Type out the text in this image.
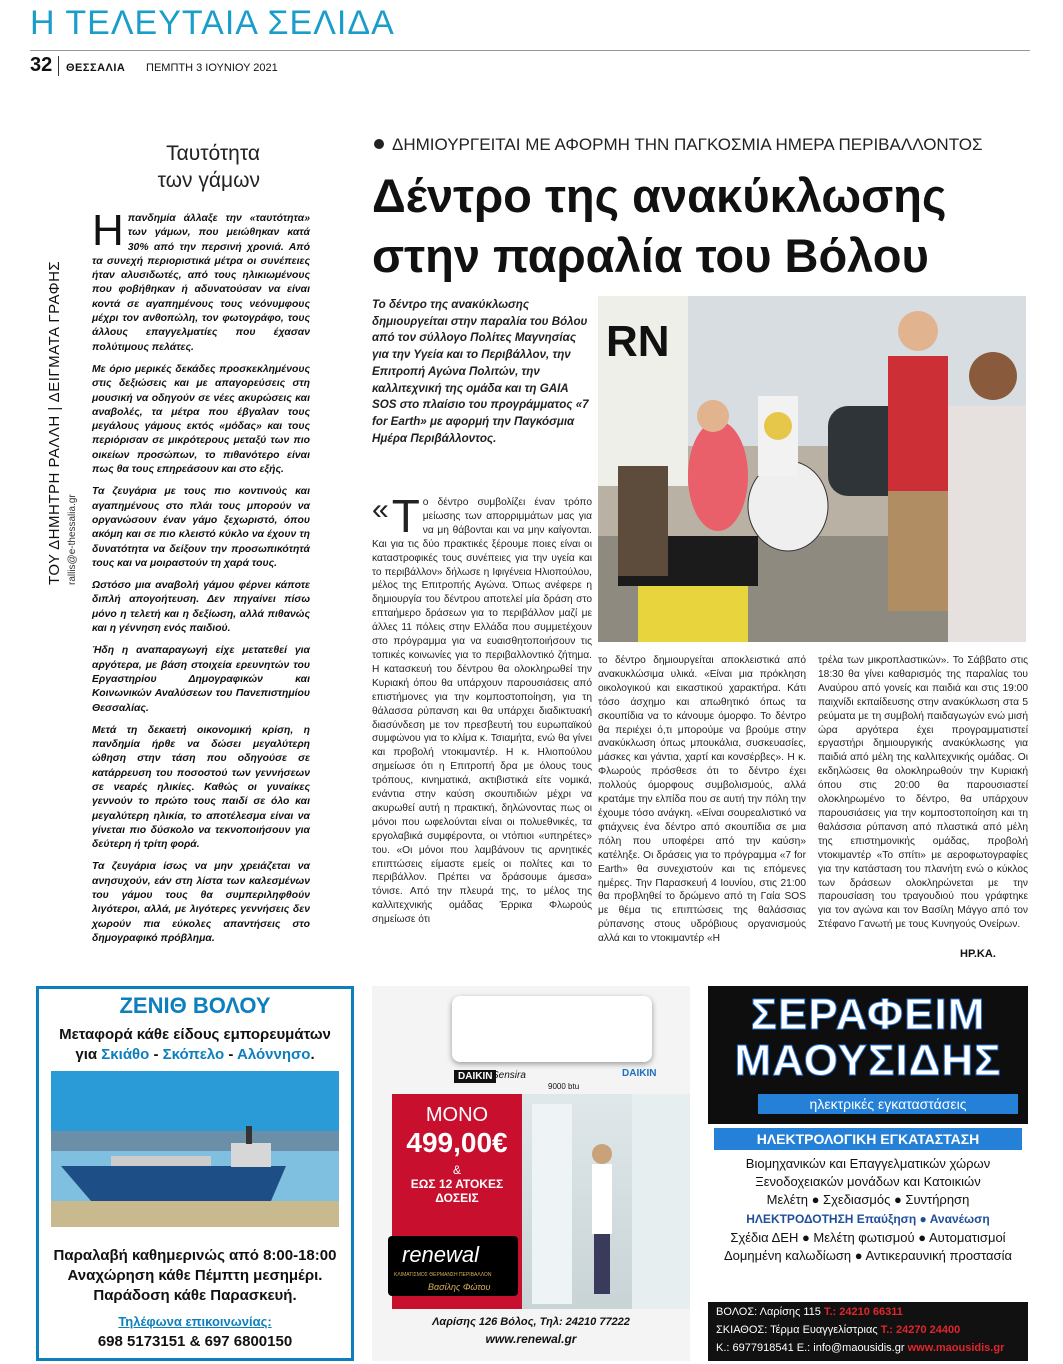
Η ΤΕΛΕΥΤΑΙΑ ΣΕΛΙΔΑ
32 ΘΕΣΣΑΛΙΑ ΠΕΜΠΤΗ 3 ΙΟΥΝΙΟΥ 2021
Ταυτότητα
των γάμων
ΤΟΥ ΔΗΜΗΤΡΗ ΡΑΛΛΗ | ΔΕΙΓΜΑΤΑ ΓΡΑΦΗΣ rallis@e-thessalia.gr

Ηπανδημία άλλαξε την «ταυτότητα» των γάμων, που μειώθηκαν κατά 30% από την περσινή χρονιά. Από τα συνεχή περιοριστικά μέτρα οι συνέπειες ήταν αλυσιδωτές, από τους ηλικιωμένους που φοβήθηκαν ή αδυνατούσαν να είναι κοντά σε αγαπημένους τους νεόνυμφους μέχρι τον ανθοπώλη, τον φωτογράφο, τους άλλους επαγγελματίες που έχασαν πολύτιμους πελάτες.

Με όριο μερικές δεκάδες προσκεκλημένους στις δεξιώσεις και με απαγορεύσεις στη μουσική να οδηγούν σε νέες ακυρώσεις και αναβολές, τα μέτρα που έβγαλαν τους μεγάλους γάμους εκτός «μόδας» και τους περιόρισαν σε μικρότερους μεταξύ των πιο οικείων προσώπων, το πιθανότερο είναι πως θα τους επηρεάσουν και στο εξής.

Τα ζευγάρια με τους πιο κοντινούς και αγαπημένους στο πλάι τους μπορούν να οργανώσουν έναν γάμο ξεχωριστό, όπου ακόμη και σε πιο κλειστό κύκλο να έχουν τη δυνατότητα να δείξουν την προσωπικότητά τους και να μοιραστούν τη χαρά τους.

Ωστόσο μια αναβολή γάμου φέρνει κάποτε διπλή απογοήτευση. Δεν πηγαίνει πίσω μόνο η τελετή και η δεξίωση, αλλά πιθανώς και η γέννηση ενός παιδιού.

Ήδη η αναπαραγωγή είχε μετατεθεί για αργότερα, με βάση στοιχεία ερευνητών του Εργαστηρίου Δημογραφικών και Κοινωνικών Αναλύσεων του Πανεπιστημίου Θεσσαλίας.

Μετά τη δεκαετή οικονομική κρίση, η πανδημία ήρθε να δώσει μεγαλύτερη ώθηση στην τάση που οδηγούσε σε κατάρρευση του ποσοστού των γεννήσεων σε νεαρές ηλικίες. Καθώς οι γυναίκες γεννούν το πρώτο τους παιδί σε όλο και μεγαλύτερη ηλικία, το αποτέλεσμα είναι να γίνεται πιο δύσκολο να τεκνοποιήσουν για δεύτερη ή τρίτη φορά.

Τα ζευγάρια ίσως να μην χρειάζεται να ανησυχούν, εάν στη λίστα των καλεσμένων του γάμου τους θα συμπεριληφθούν λιγότεροι, αλλά, με λιγότερες γεννήσεις δεν χωρούν πια εύκολες απαντήσεις στο δημογραφικό πρόβλημα.

ΔΗΜΙΟΥΡΓΕΙΤΑΙ ΜΕ ΑΦΟΡΜΗ ΤΗΝ ΠΑΓΚΟΣΜΙΑ ΗΜΕΡΑ ΠΕΡΙΒΑΛΛΟΝΤΟΣ
Δέντρο της ανακύκλωσης
στην παραλία του Βόλου
Το δέντρο της ανακύκλωσης δημιουργείται στην παραλία του Βόλου από τον σύλλογο Πολίτες Μαγνησίας για την Υγεία και το Περιβάλλον, την Επιτροπή Αγώνα Πολιτών, την καλλιτεχνική της ομάδα και τη GAIA SOS στο πλαίσιο του προγράμματος «7 for Earth» με αφορμή την Παγκόσμια Ημέρα Περιβάλλοντος.
RN

« Τ ο δέντρο συμβολίζει έναν τρόπο μείωσης των απορριμμάτων μας για να μη θάβονται και να μην καίγονται. Και για τις δύο πρακτικές ξέρουμε ποιες είναι οι καταστροφικές τους συνέπειες για την υγεία και το περιβάλλον» δήλωσε η Ιφιγένεια Ηλιοπούλου, μέλος της Επιτροπής Αγώνα. Όπως ανέφερε η δημιουργία του δέντρου αποτελεί μία δράση στο επταήμερο δράσεων για το περιβάλλον μαζί με άλλες 11 πόλεις στην Ελλάδα που συμμετέχουν στο πρόγραμμα για να ευαισθητοποιήσουν τις τοπικές κοινωνίες για το περιβαλλοντικό ζήτημα. Η κατασκευή του δέντρου θα ολοκληρωθεί την Κυριακή όπου θα υπάρχουν παρουσιάσεις από επιστήμονες για την κομποστοποίηση, για τη θάλασσα ρύπανση και θα υπάρχει διαδικτυακή διασύνδεση με τον πρεσβευτή του ευρωπαϊκού συμφώνου για το κλίμα κ. Τσιαμήτα, ενώ θα γίνει και προβολή ντοκιμαντέρ. Η κ. Ηλιοπούλου σημείωσε ότι η Επιτροπή δρα με όλους τους τρόπους, κινηματικά, ακτιβιστικά είτε νομικά, ενάντια στην καύση σκουπιδιών μέχρι να ακυρωθεί αυτή η πρακτική, δηλώνοντας πως οι μόνοι που ωφελούνται είναι οι πολυεθνικές, τα εργολαβικά συμφέροντα, οι ντόπιοι «υπηρέτες» του. «Οι μόνοι που λαμβάνουν τις αρνητικές επιπτώσεις είμαστε εμείς οι πολίτες και το περιβάλλον. Πρέπει να δράσουμε άμεσα» τόνισε. Από την πλευρά της, το μέλος της καλλιτεχνικής ομάδας Έρρικα Φλωρούς σημείωσε ότι

το δέντρο δημιουργείται αποκλειστικά από ανακυκλώσιμα υλικά. «Είναι μια πρόκληση οικολογικού και εικαστικού χαρακτήρα. Κάτι τόσο άσχημο και απωθητικό όπως τα σκουπίδια να το κάνουμε όμορφο. Το δέντρο θα περιέχει ό,τι μπορούμε να βρούμε στην ανακύκλωση όπως μπουκάλια, συσκευασίες, μάσκες και γάντια, χαρτί και κονσέρβες». Η κ. Φλωρούς πρόσθεσε ότι το δέντρο έχει πολλούς όμορφους συμβολισμούς, αλλά κρατάμε την ελπίδα που σε αυτή την πόλη την έχουμε τόσο ανάγκη. «Είναι σουρεαλιστικό να φτιάχνεις ένα δέντρο από σκουπίδια σε μια πόλη που υποφέρει από την καύση» κατέληξε. Οι δράσεις για το πρόγραμμα «7 for Earth» θα συνεχιστούν και τις επόμενες ημέρες. Την Παρασκευή 4 Ιουνίου, στις 21:00 θα προβληθεί το δρώμενο από τη Γαία SOS με θέμα τις επιπτώσεις της θαλάσσιας ρύπανσης στους υδρόβιους οργανισμούς αλλά και το ντοκιμαντέρ «Η
τρέλα των μικροπλαστικών». Το Σάββατο στις 18:30 θα γίνει καθαρισμός της παραλίας του Αναύρου από γονείς και παιδιά και στις 19:00 παιχνίδι εκπαίδευσης στην ανακύκλωση στα 5 ρεύματα με τη συμβολή παιδαγωγών ενώ μισή ώρα αργότερα έχει προγραμματιστεί εργαστήρι δημιουργικής ανακύκλωσης για παιδιά από μέλη της καλλιτεχνικής ομάδας. Οι εκδηλώσεις θα ολοκληρωθούν την Κυριακή όπου στις 20:00 θα παρουσιαστεί ολοκληρωμένο το δέντρο, θα υπάρχουν παρουσιάσεις για την κομποστοποίηση και τη θαλάσσια ρύπανση από πλαστικά από μέλη της επιστημονικής ομάδας, προβολή ντοκιμαντέρ «Το σπίτι» με αεροφωτογραφίες για την κατάσταση του πλανήτη ενώ ο κύκλος των δράσεων ολοκληρώνεται με την παρουσίαση του τραγουδιού που γράφτηκε για τον αγώνα και τον Βασίλη Μάγγο από τον Στέφανο Γανωτή με τους Κυνηγούς Ονείρων.
ΗΡ.ΚΑ.
ΖΕΝΙΘ ΒΟΛΟΥ
Μεταφορά κάθε είδους εμπορευμάτων
για Σκιάθο - Σκόπελο - Αλόννησο.
Παραλαβή καθημερινώς από 8:00-18:00
Αναχώρηση κάθε Πέμπτη μεσημέρι.
Παράδοση κάθε Παρασκευή.
Τηλέφωνα επικοινωνίας:
698 5173151 & 697 6800150
DAIKIN Sensira
9000 btu
DAIKIN
ΜΟΝΟ
499,00€
&
ΕΩΣ 12 ΑΤΟΚΕΣ
ΔΟΣΕΙΣ
renewal
ΚΛΙΜΑΤΙΣΜΟΣ ΘΕΡΜΑΝΣΗ ΠΕΡΙΒΑΛΛΟΝ
Βασίλης Φώτου
Λαρίσης 126 Βόλος, Τηλ: 24210 77222
www.renewal.gr
ΣΕΡΑΦΕΙΜ
ΜΑΟΥΣΙΔΗΣ
ηλεκτρικές εγκαταστάσεις
ΗΛΕΚΤΡΟΛΟΓΙΚΗ ΕΓΚΑΤΑΣΤΑΣΗ
Βιομηχανικών και Επαγγελματικών χώρων
Ξενοδοχειακών μονάδων και Κατοικιών
Μελέτη ● Σχεδιασμός ● Συντήρηση
ΗΛΕΚΤΡΟΔΟΤΗΣΗ Επαύξηση ● Ανανέωση
Σχέδια ΔΕΗ ● Μελέτη φωτισμού ● Αυτοματισμοί
Δομημένη καλωδίωση ● Αντικεραυνική προστασία
ΒΟΛΟΣ: Λαρίσης 115 Τ.: 24210 66311
ΣΚΙΑΘΟΣ: Τέρμα Ευαγγελίστριας Τ.: 24270 24400
Κ.: 6977918541 E.: info@maousidis.gr www.maousidis.gr
